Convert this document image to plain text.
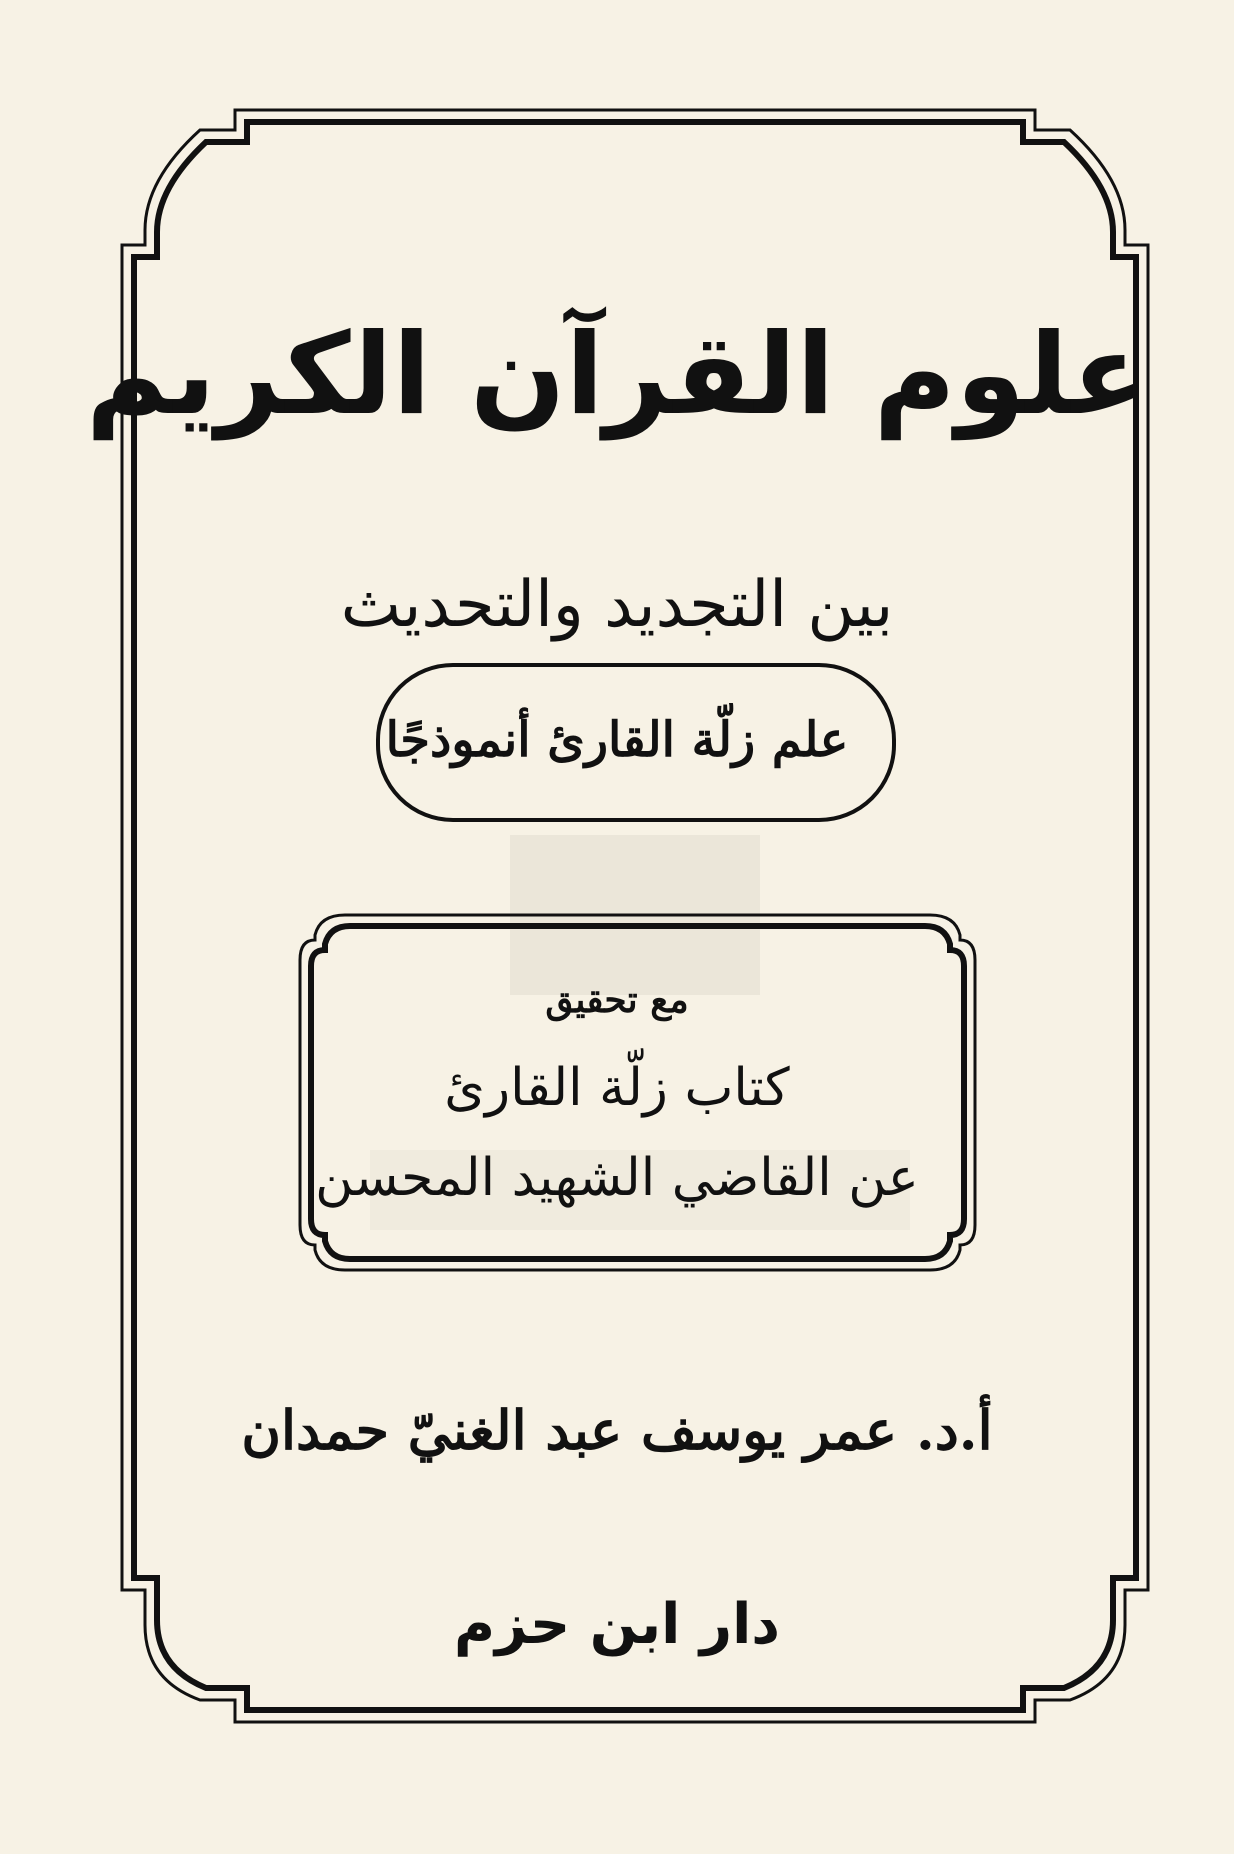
علوم القرآن الكريم
بين التجديد والتحديث
علم زلّة القارئ أنموذجًا
مع تحقيق
كتاب زلّة القارئ
عن القاضي الشهيد المحسن
أ.د. عمر يوسف عبد الغنيّ حمدان
دار ابن حزم
